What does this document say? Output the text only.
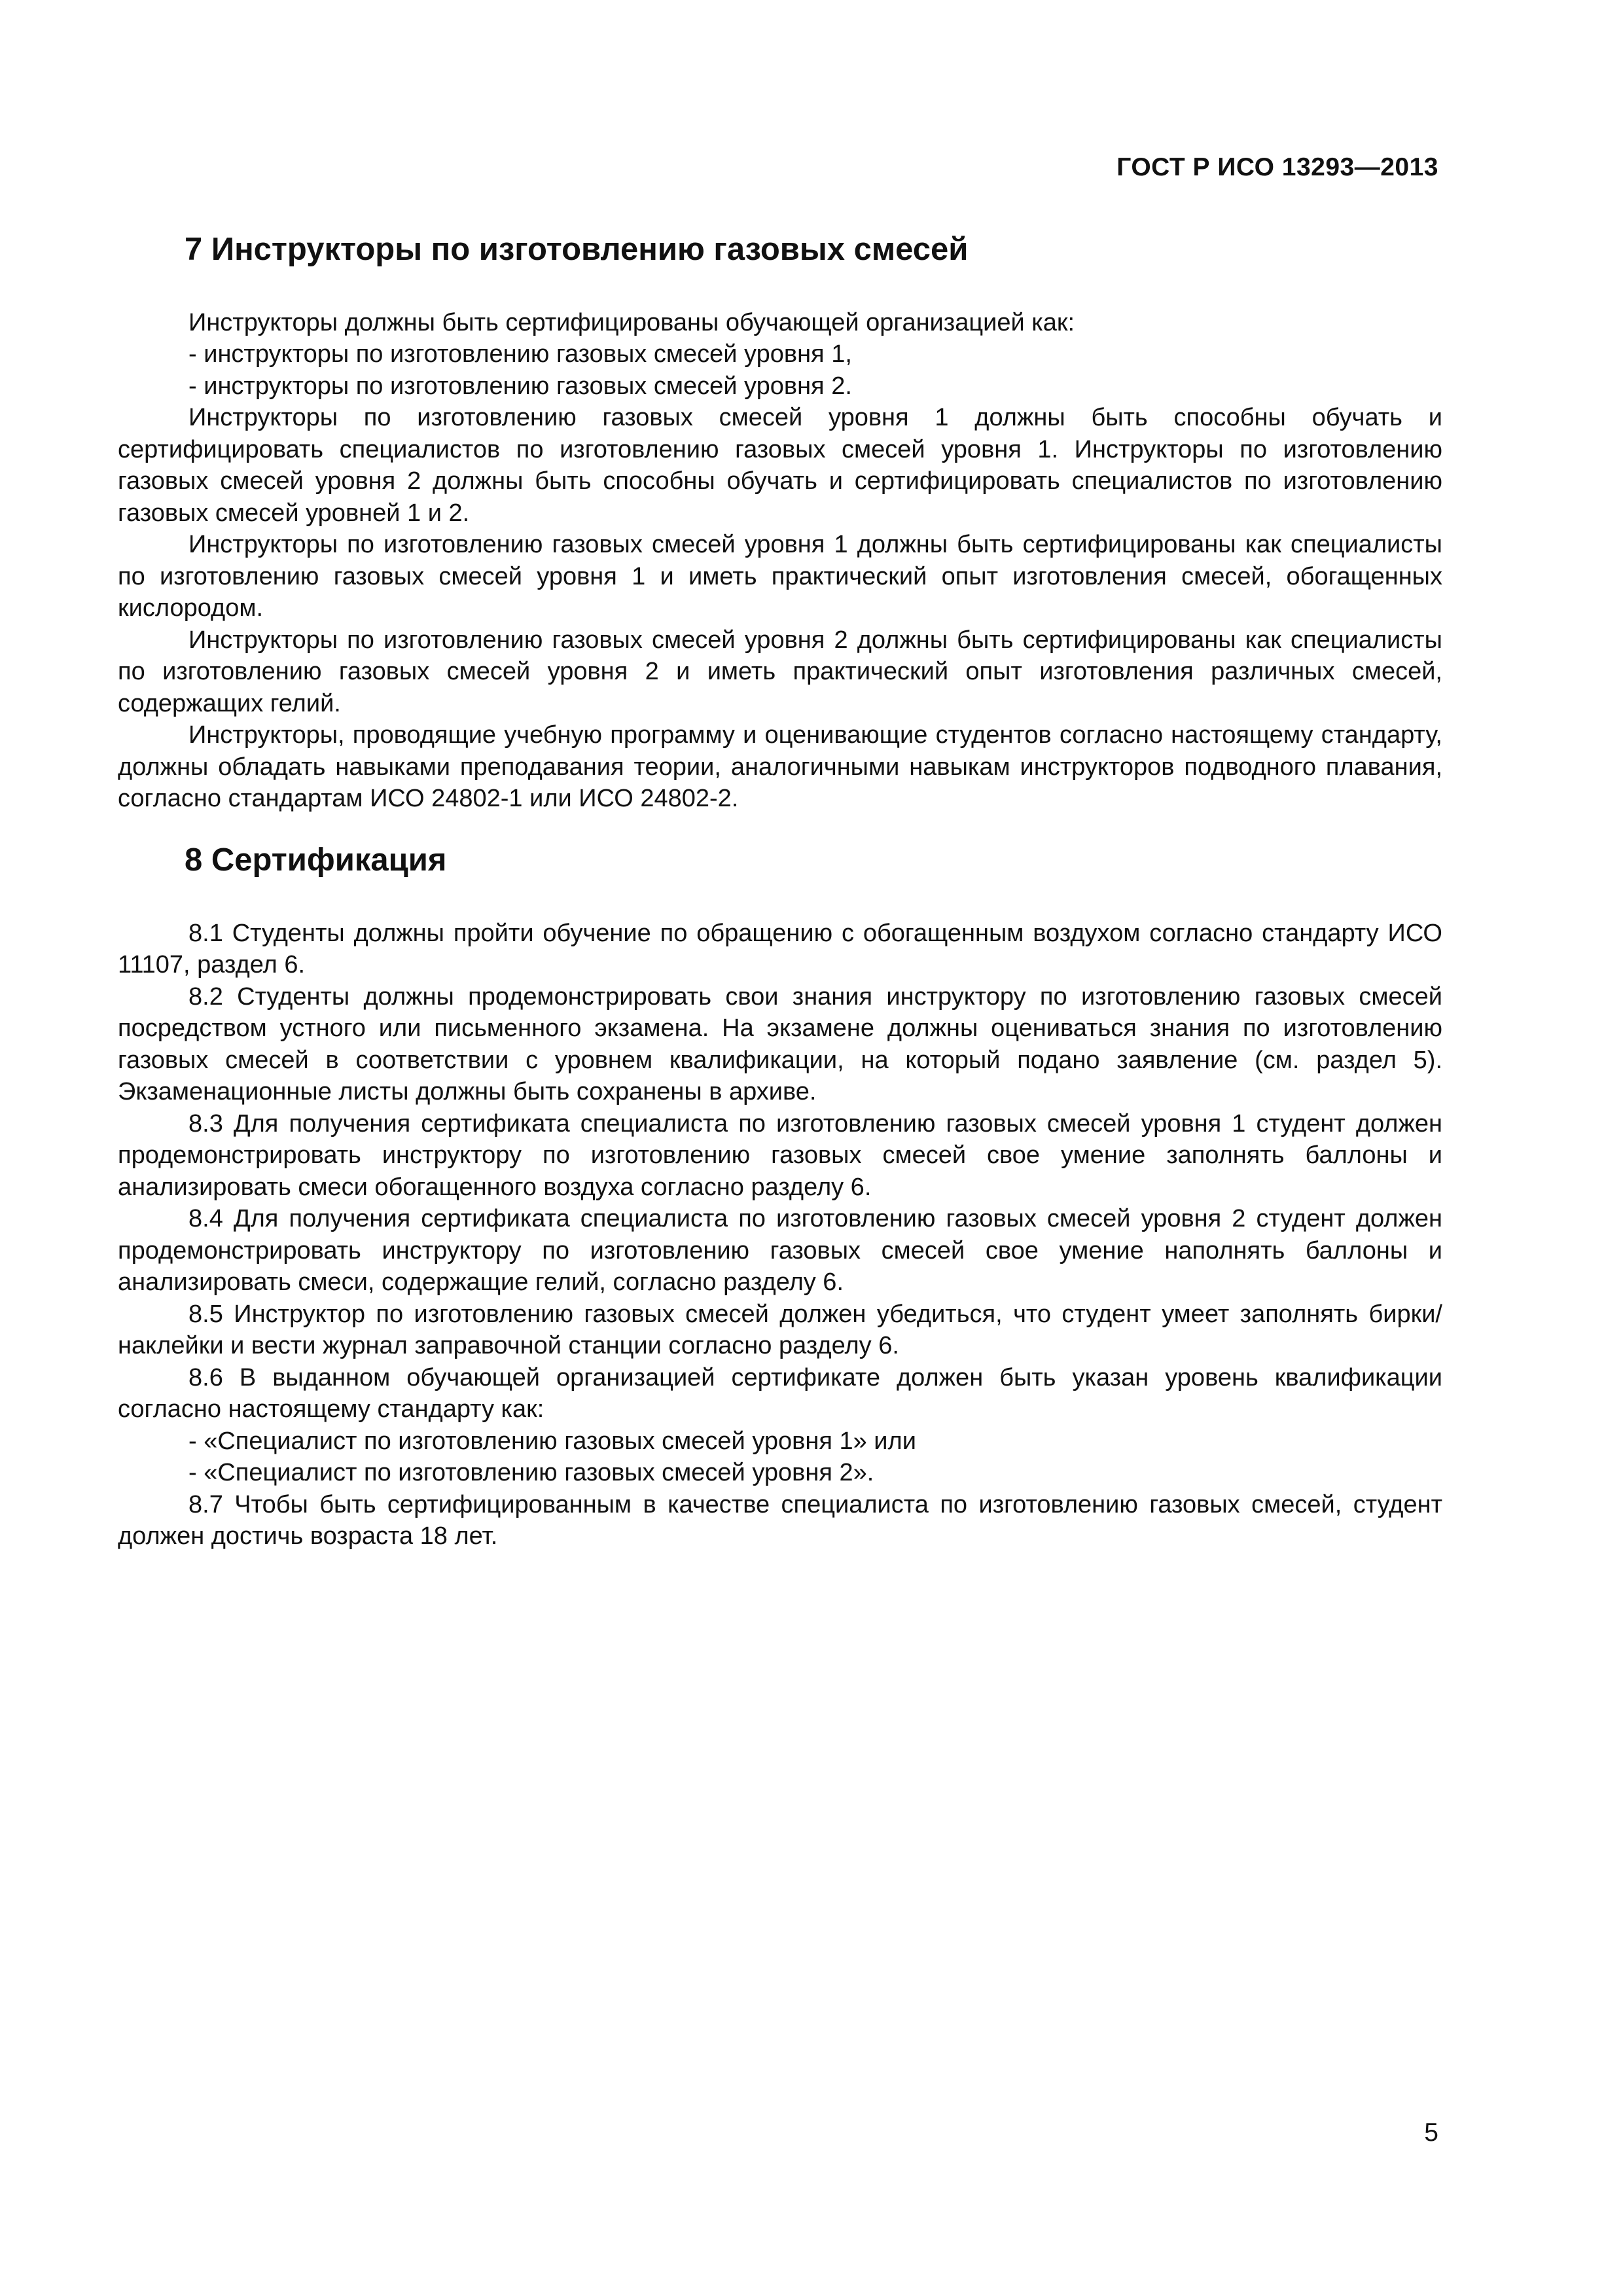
ГОСТ Р ИСО 13293—2013
7 Инструкторы по изготовлению газовых смесей

Инструкторы должны быть сертифицированы обучающей организацией как:

- инструкторы по изготовлению газовых смесей уровня 1,

- инструкторы по изготовлению газовых смесей уровня 2.

Инструкторы по изготовлению газовых смесей уровня 1 должны быть способны обучать и сертифицировать специалистов по изготовлению газовых смесей уровня 1. Инструкторы по изготовлению газовых смесей уровня 2 должны быть способны обучать и сертифицировать специалистов по изготовлению газовых смесей уровней 1 и 2.

Инструкторы по изготовлению газовых смесей уровня 1 должны быть сертифицированы как специалисты по изготовлению газовых смесей уровня 1 и иметь практический опыт изготовления смесей, обогащенных кислородом.

Инструкторы по изготовлению газовых смесей уровня 2 должны быть сертифицированы как специалисты по изготовлению газовых смесей уровня 2 и иметь практический опыт изготовления различных смесей, содержащих гелий.

Инструкторы, проводящие учебную программу и оценивающие студентов согласно настоящему стандарту, должны обладать навыками преподавания теории, аналогичными навыкам инструкторов подводного плавания, согласно стандартам ИСО 24802-1 или ИСО 24802-2.

8 Сертификация

8.1 Студенты должны пройти обучение по обращению с обогащенным воздухом согласно стандарту ИСО 11107, раздел 6.

8.2 Студенты должны продемонстрировать свои знания инструктору по изготовлению газовых смесей посредством устного или письменного экзамена. На экзамене должны оцениваться знания по изготовлению газовых смесей в соответствии с уровнем квалификации, на который подано заявление (см. раздел 5). Экзаменационные листы должны быть сохранены в архиве.

8.3 Для получения сертификата специалиста по изготовлению газовых смесей уровня 1 студент должен продемонстрировать инструктору по изготовлению газовых смесей свое умение заполнять баллоны и анализировать смеси обогащенного воздуха согласно разделу 6.

8.4 Для получения сертификата специалиста по изготовлению газовых смесей уровня 2 студент должен продемонстрировать инструктору по изготовлению газовых смесей свое умение наполнять баллоны и анализировать смеси, содержащие гелий, согласно разделу 6.

8.5 Инструктор по изготовлению газовых смесей должен убедиться, что студент умеет заполнять бирки/наклейки и вести журнал заправочной станции согласно разделу 6.

8.6 В выданном обучающей организацией сертификате должен быть указан уровень квалификации согласно настоящему стандарту как:

- «Специалист по изготовлению газовых смесей уровня 1» или

- «Специалист по изготовлению газовых смесей уровня 2».

8.7 Чтобы быть сертифицированным в качестве специалиста по изготовлению газовых смесей, студент должен достичь возраста 18 лет.

5
